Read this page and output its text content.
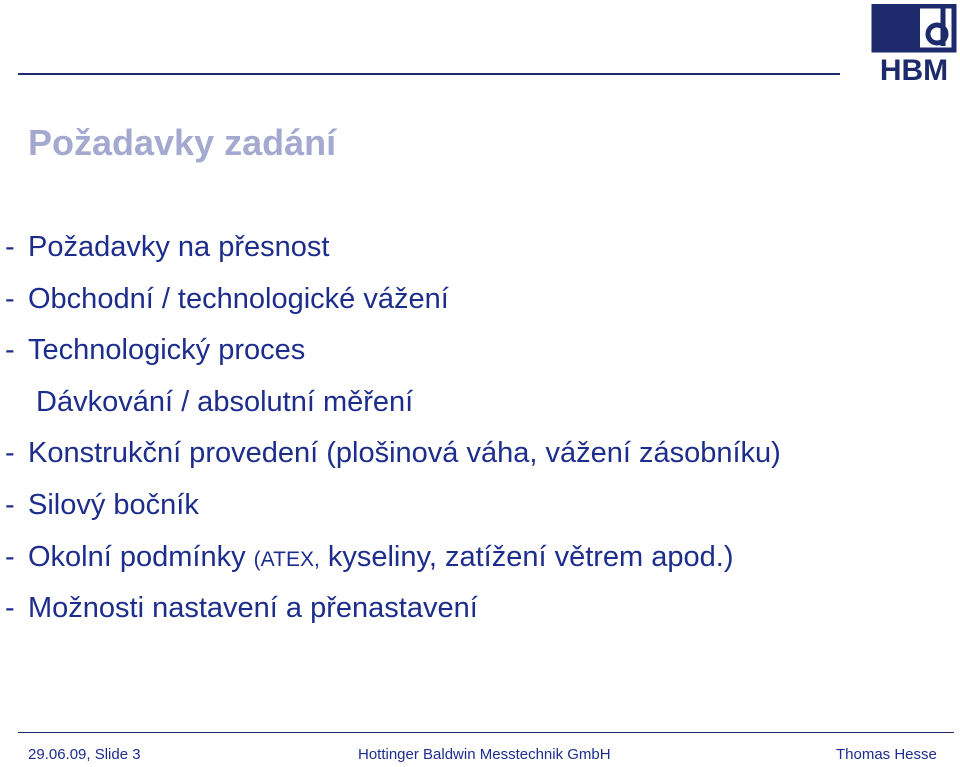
HBM
Požadavky zadání
- Požadavky na přesnost
- Obchodní / technologické vážení
- Technologický proces
Dávkování / absolutní měření
- Konstrukční provedení (plošinová váha, vážení zásobníku)
- Silový bočník
- Okolní podmínky (ATEX, kyseliny, zatížení větrem apod.)
- Možnosti nastavení a přenastavení
29.06.09, Slide 3	Hottinger Baldwin Messtechnik GmbH	Thomas Hesse
